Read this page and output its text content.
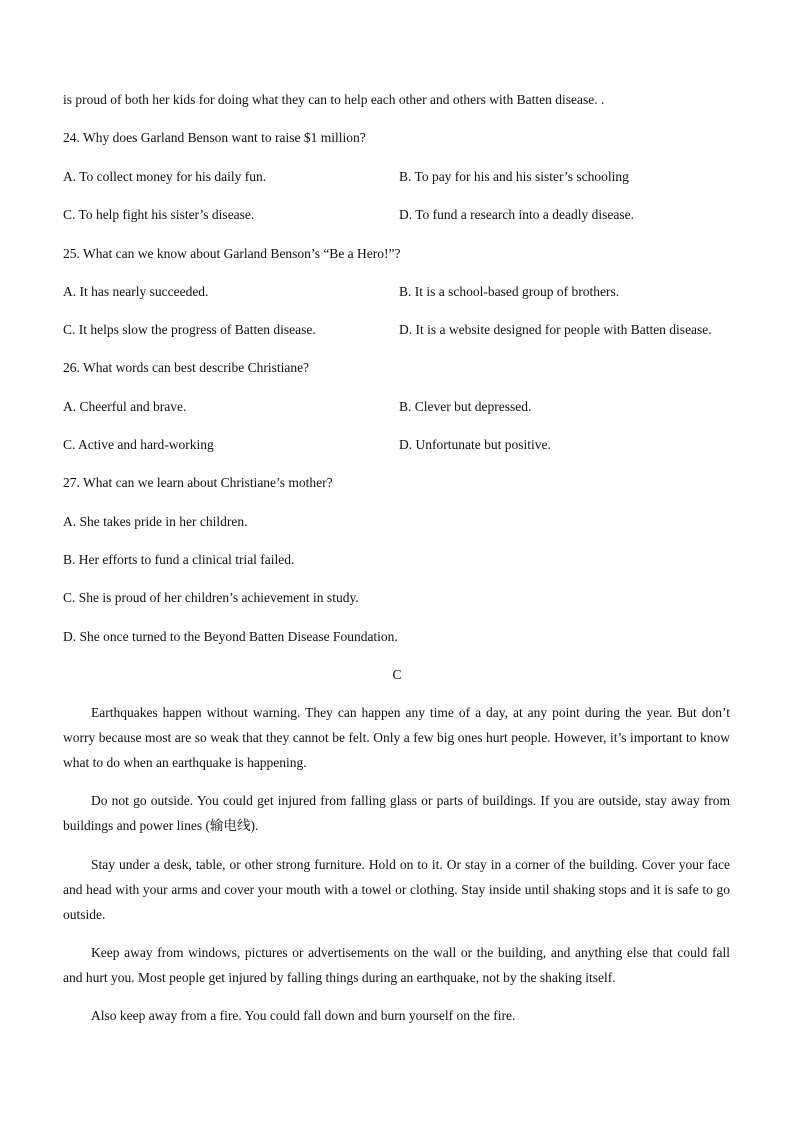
is proud of both her kids for doing what they can to help each other and others with Batten disease. .
24. Why does Garland Benson want to raise $1 million?
A. To collect money for his daily fun.	B. To pay for his and his sister’s schooling
C. To help fight his sister’s disease.	D. To fund a research into a deadly disease.
25. What can we know about Garland Benson’s “Be a Hero!”?
A. It has nearly succeeded.	B. It is a school-based group of brothers.
C. It helps slow the progress of Batten disease.	D. It is a website designed for people with Batten disease.
26. What words can best describe Christiane?
A. Cheerful and brave.	B. Clever but depressed.
C. Active and hard-working	D. Unfortunate but positive.
27. What can we learn about Christiane’s mother?
A. She takes pride in her children.
B. Her efforts to fund a clinical trial failed.
C. She is proud of her children’s achievement in study.
D. She once turned to the Beyond Batten Disease Foundation.
C
Earthquakes happen without warning. They can happen any time of a day, at any point during the year. But don’t worry because most are so weak that they cannot be felt. Only a few big ones hurt people. However, it’s important to know what to do when an earthquake is happening.
Do not go outside. You could get injured from falling glass or parts of buildings. If you are outside, stay away from buildings and power lines (输电线).
Stay under a desk, table, or other strong furniture. Hold on to it. Or stay in a corner of the building. Cover your face and head with your arms and cover your mouth with a towel or clothing. Stay inside until shaking stops and it is safe to go outside.
Keep away from windows, pictures or advertisements on the wall or the building, and anything else that could fall and hurt you. Most people get injured by falling things during an earthquake, not by the shaking itself.
Also keep away from a fire. You could fall down and burn yourself on the fire.
